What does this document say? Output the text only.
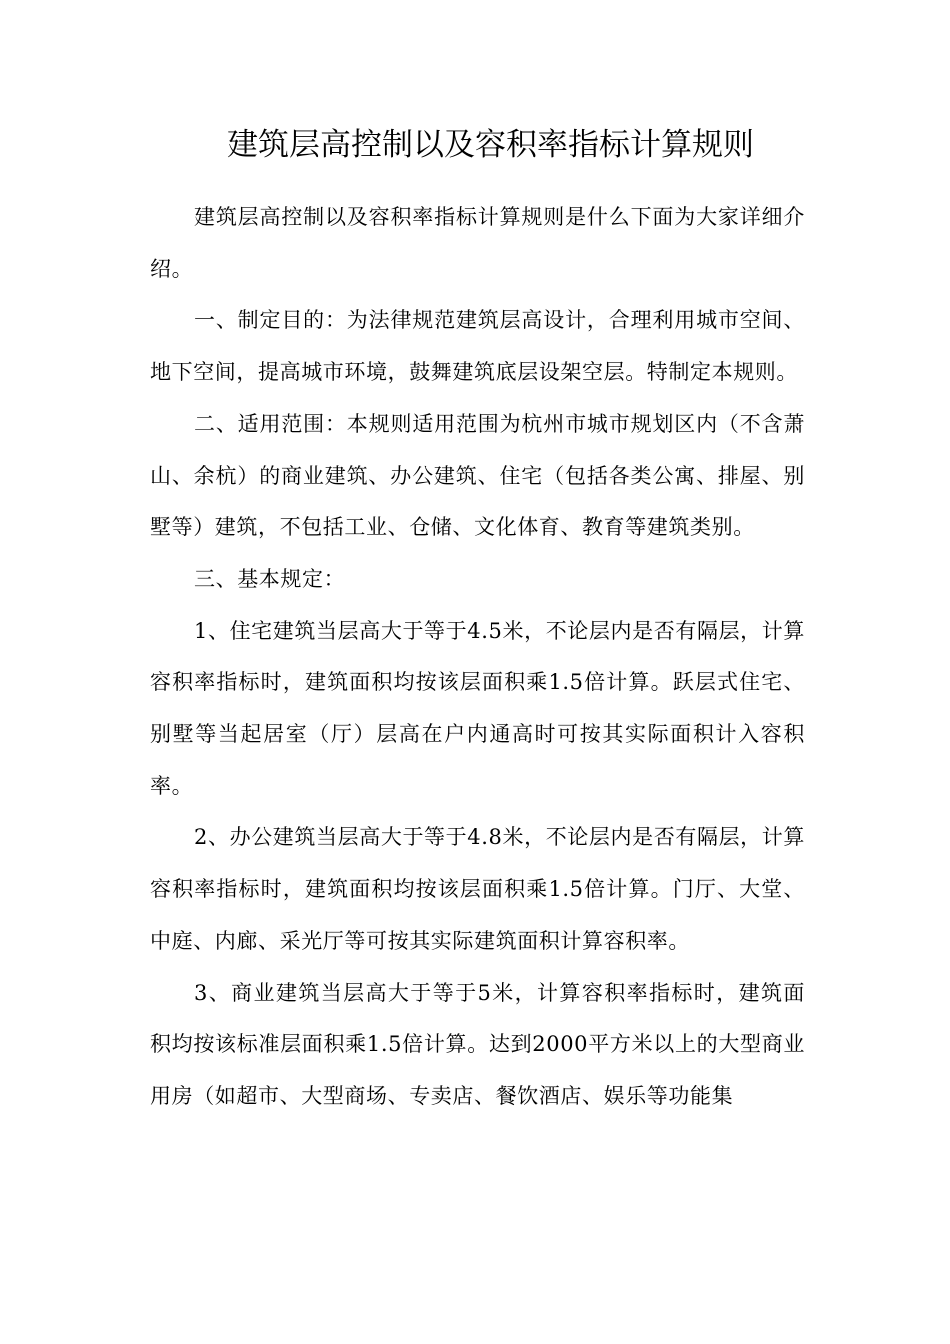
建筑层高控制以及容积率指标计算规则

建筑层高控制以及容积率指标计算规则是什么下面为大家详细介绍。

一、制定目的：为法律规范建筑层高设计，合理利用城市空间、地下空间，提高城市环境，鼓舞建筑底层设架空层。特制定本规则。

二、适用范围：本规则适用范围为杭州市城市规划区内（不含萧山、余杭）的商业建筑、办公建筑、住宅（包括各类公寓、排屋、别墅等）建筑，不包括工业、仓储、文化体育、教育等建筑类别。

三、基本规定：

1、住宅建筑当层高大于等于4.5米，不论层内是否有隔层，计算容积率指标时，建筑面积均按该层面积乘1.5倍计算。跃层式住宅、别墅等当起居室（厅）层高在户内通高时可按其实际面积计入容积率。

2、办公建筑当层高大于等于4.8米，不论层内是否有隔层，计算容积率指标时，建筑面积均按该层面积乘1.5倍计算。门厅、大堂、中庭、内廊、采光厅等可按其实际建筑面积计算容积率。

3、商业建筑当层高大于等于5米，计算容积率指标时，建筑面积均按该标准层面积乘1.5倍计算。达到2000平方米以上的大型商业用房（如超市、大型商场、专卖店、餐饮酒店、娱乐等功能集
